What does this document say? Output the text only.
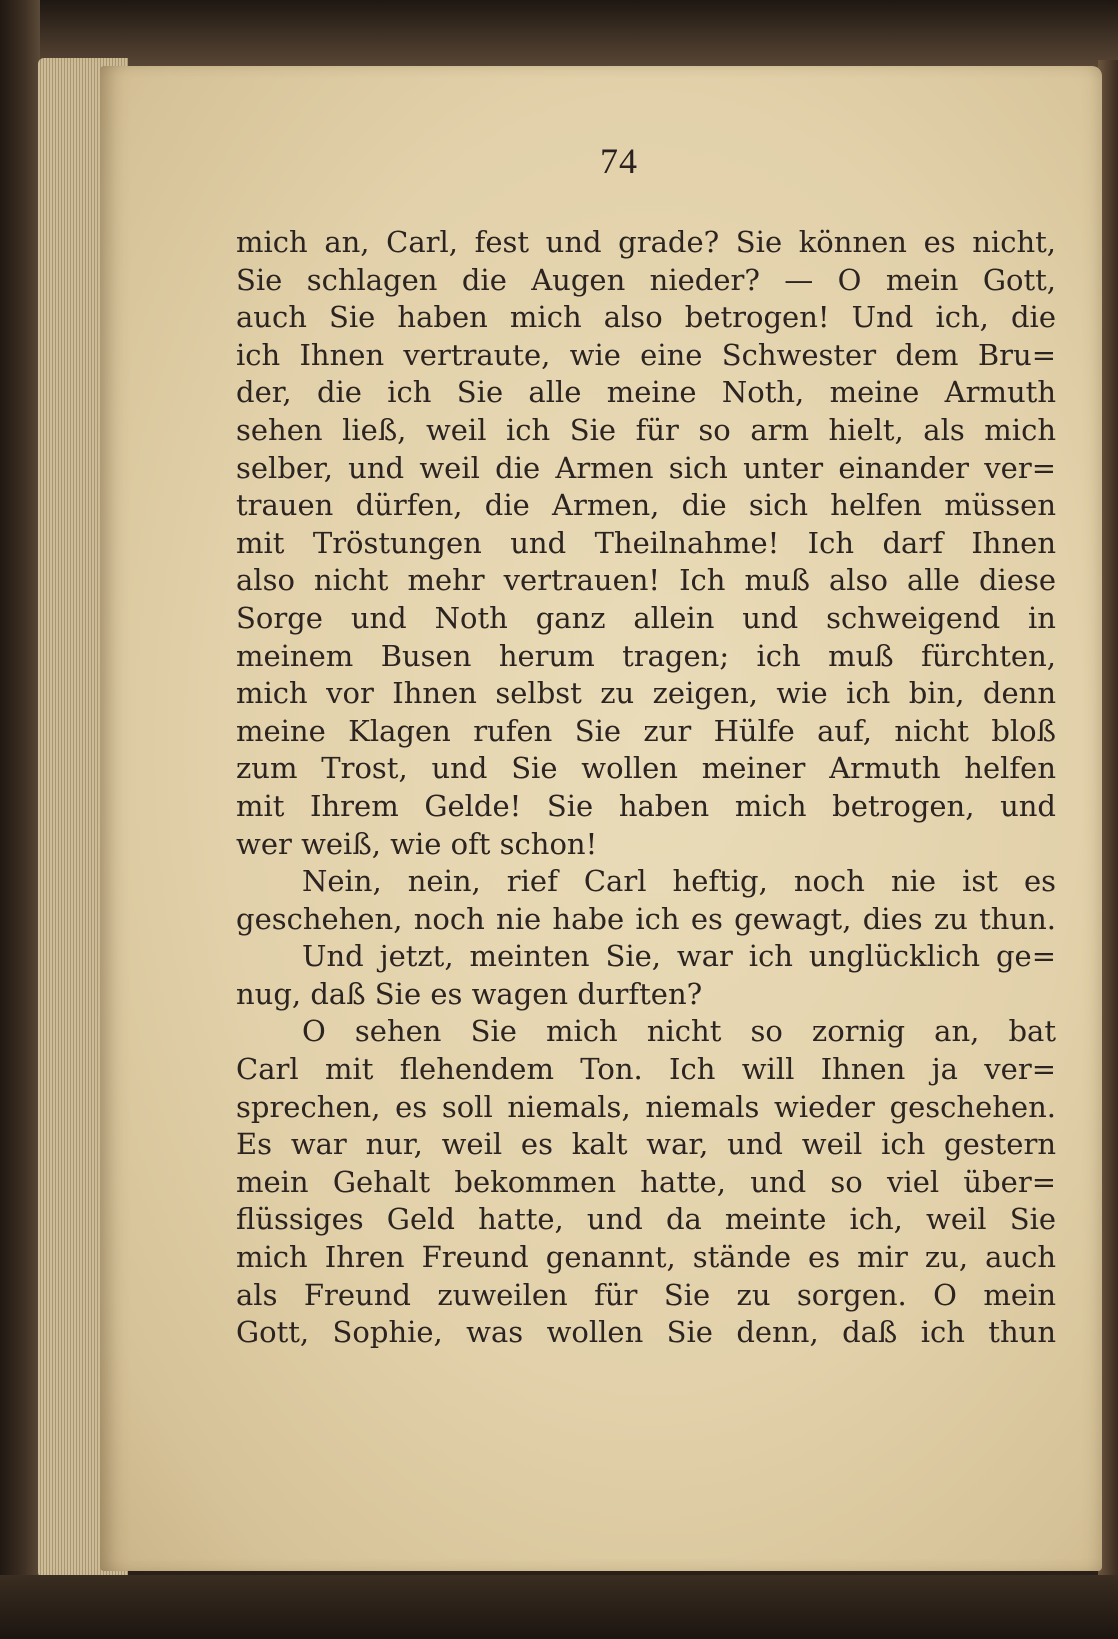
74
mich an, Carl, fest und grade? Sie können es nicht,
Sie schlagen die Augen nieder? — O mein Gott,
auch Sie haben mich also betrogen! Und ich, die
ich Ihnen vertraute, wie eine Schwester dem Bru=
der, die ich Sie alle meine Noth, meine Armuth
sehen ließ, weil ich Sie für so arm hielt, als mich
selber, und weil die Armen sich unter einander ver=
trauen dürfen, die Armen, die sich helfen müssen
mit Tröstungen und Theilnahme! Ich darf Ihnen
also nicht mehr vertrauen! Ich muß also alle diese
Sorge und Noth ganz allein und schweigend in
meinem Busen herum tragen; ich muß fürchten,
mich vor Ihnen selbst zu zeigen, wie ich bin, denn
meine Klagen rufen Sie zur Hülfe auf, nicht bloß
zum Trost, und Sie wollen meiner Armuth helfen
mit Ihrem Gelde! Sie haben mich betrogen, und
wer weiß, wie oft schon!
Nein, nein, rief Carl heftig, noch nie ist es
geschehen, noch nie habe ich es gewagt, dies zu thun.
Und jetzt, meinten Sie, war ich unglücklich ge=
nug, daß Sie es wagen durften?
O sehen Sie mich nicht so zornig an, bat
Carl mit flehendem Ton. Ich will Ihnen ja ver=
sprechen, es soll niemals, niemals wieder geschehen.
Es war nur, weil es kalt war, und weil ich gestern
mein Gehalt bekommen hatte, und so viel über=
flüssiges Geld hatte, und da meinte ich, weil Sie
mich Ihren Freund genannt, stände es mir zu, auch
als Freund zuweilen für Sie zu sorgen. O mein
Gott, Sophie, was wollen Sie denn, daß ich thun
